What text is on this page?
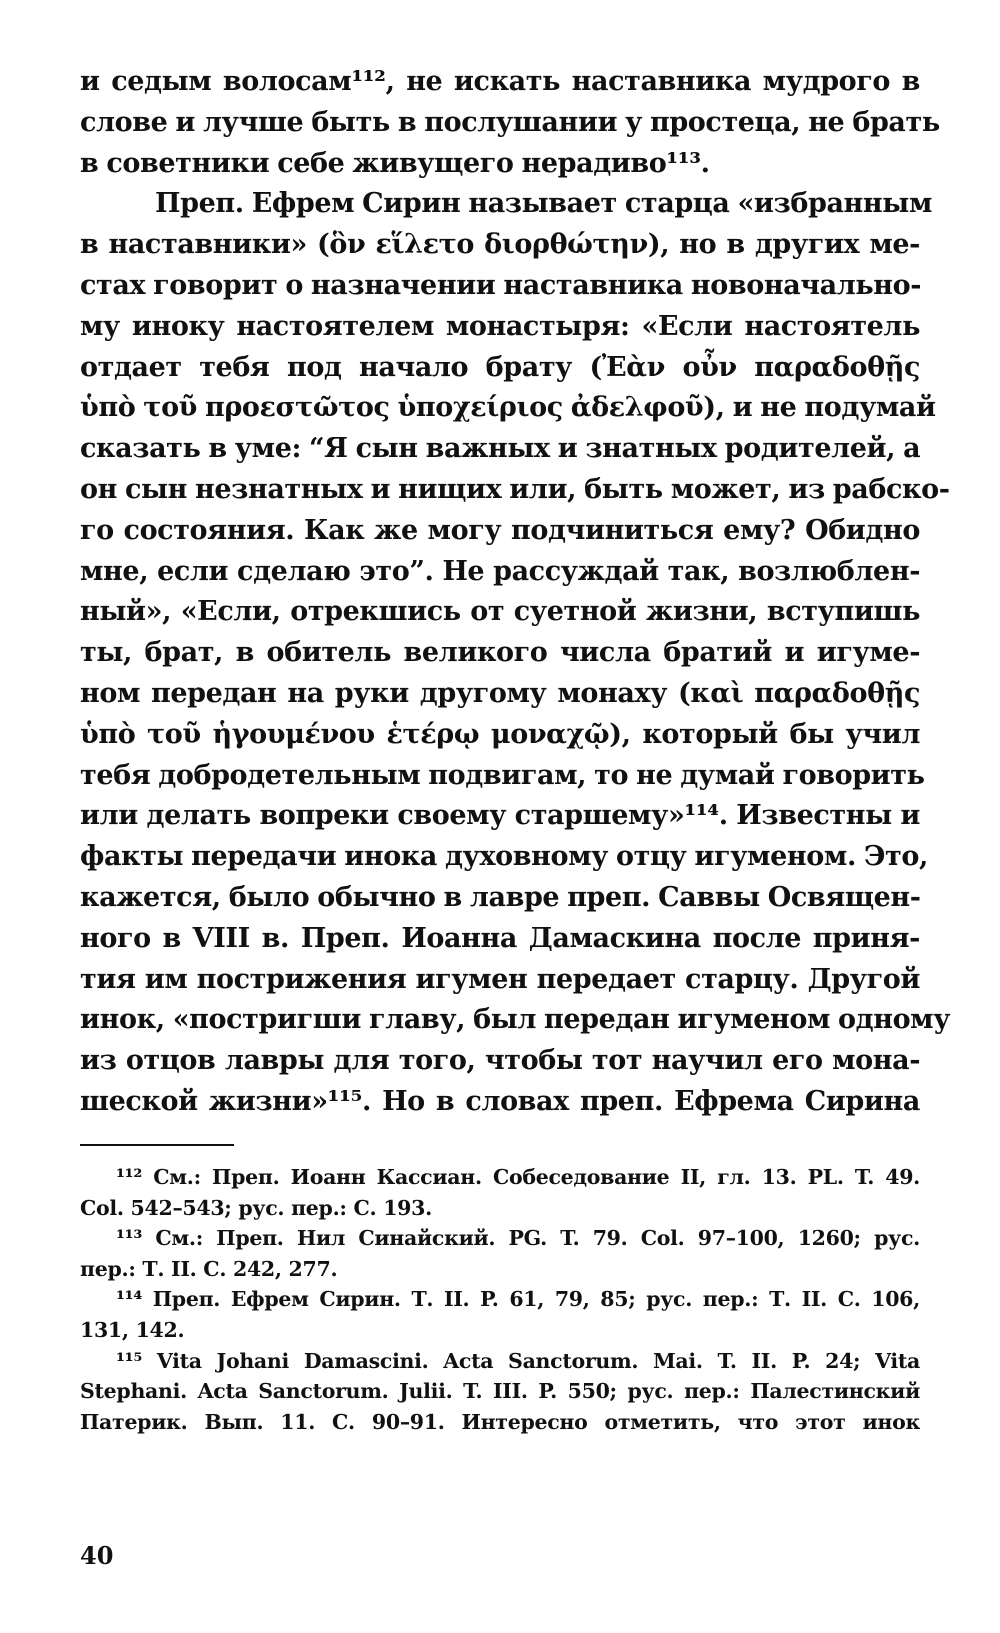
и седым волосам¹¹², не искать наставника мудрого в
слове и лучше быть в послушании у простеца, не брать
в советники себе живущего нерадиво¹¹³.
Преп. Ефрем Сирин называет старца «избранным
в наставники» (ὃν εἵλετο διορθώτην), но в других ме-
стах говорит о назначении наставника новоначально-
му иноку настоятелем монастыря: «Если настоятель
отдает тебя под начало брату (Ἐὰν οὖν παραδοθῇς
ὑπὸ τοῦ προεστῶτος ὑποχείριος ἀδελφοῦ), и не подумай
сказать в уме: “Я сын важных и знатных родителей, а
он сын незнатных и нищих или, быть может, из рабско-
го состояния. Как же могу подчиниться ему? Обидно
мне, если сделаю это”. Не рассуждай так, возлюблен-
ный», «Если, отрекшись от суетной жизни, вступишь
ты, брат, в обитель великого числа братий и игуме-
ном передан на руки другому монаху (καὶ παραδοθῇς
ὑπὸ τοῦ ἡγουμένου ἑτέρῳ μοναχῷ), который бы учил
тебя добродетельным подвигам, то не думай говорить
или делать вопреки своему старшему»¹¹⁴. Известны и
факты передачи инока духовному отцу игуменом. Это,
кажется, было обычно в лавре преп. Саввы Освящен-
ного в VIII в. Преп. Иоанна Дамаскина после приня-
тия им пострижения игумен передает старцу. Другой
инок, «постригши главу, был передан игуменом одному
из отцов лавры для того, чтобы тот научил его мона-
шеской жизни»¹¹⁵. Но в словах преп. Ефрема Сирина
¹¹² См.: Преп. Иоанн Кассиан. Собеседование II, гл. 13. PL. T. 49.
Col. 542–543; рус. пер.: С. 193.
¹¹³ См.: Преп. Нил Синайский. PG. T. 79. Col. 97–100, 1260; рус.
пер.: Т. II. С. 242, 277.
¹¹⁴ Преп. Ефрем Сирин. Т. II. P. 61, 79, 85; рус. пер.: Т. II. С. 106,
131, 142.
¹¹⁵ Vita Johani Damascini. Acta Sanctorum. Mai. T. II. P. 24; Vita
Stephani. Acta Sanctorum. Julii. T. III. P. 550; рус. пер.: Палестинский
Патерик. Вып. 11. С. 90–91. Интересно отметить, что этот инок
40
